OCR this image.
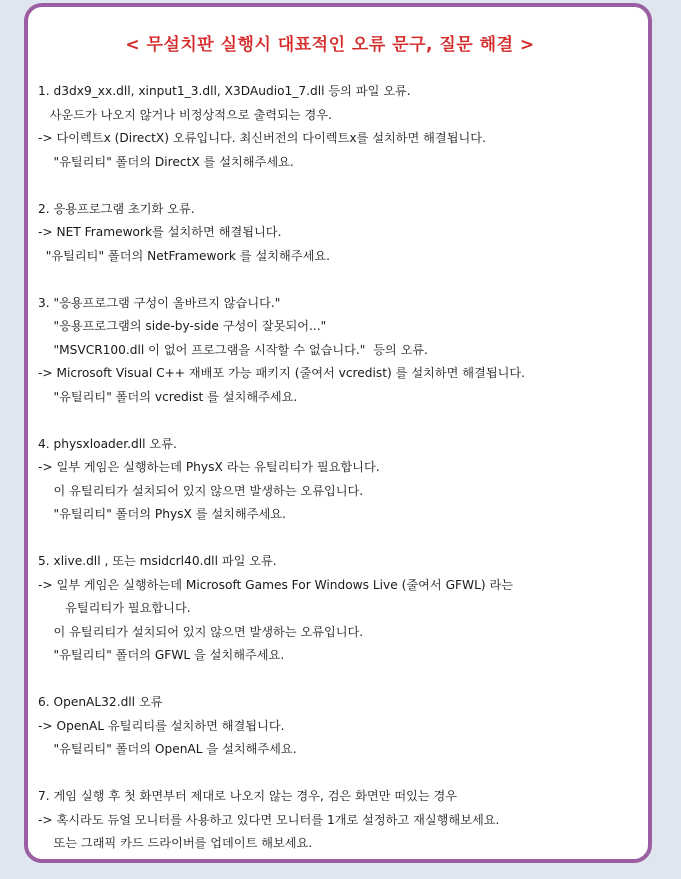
< 무설치판 실행시 대표적인 오류 문구, 질문 해결 >
1. d3dx9_xx.dll, xinput1_3.dll, X3DAudio1_7.dll 등의 파일 오류.
사운드가 나오지 않거나 비정상적으로 출력되는 경우.
-> 다이렉트x (DirectX) 오류입니다. 최신버전의 다이렉트x를 설치하면 해결됩니다.
"유틸리티" 폴더의 DirectX 를 설치해주세요.
2. 응용프로그램 초기화 오류.
-> NET Framework를 설치하면 해결됩니다.
"유틸리티" 폴더의 NetFramework 를 설치해주세요.
3. "응용프로그램 구성이 올바르지 않습니다."
"응용프로그램의 side-by-side 구성이 잘못되어..."
"MSVCR100.dll 이 없어 프로그램을 시작할 수 없습니다."  등의 오류.
-> Microsoft Visual C++ 재배포 가능 패키지 (줄여서 vcredist) 를 설치하면 해결됩니다.
"유틸리티" 폴더의 vcredist 를 설치해주세요.
4. physxloader.dll 오류.
-> 일부 게임은 실행하는데 PhysX 라는 유틸리티가 필요합니다.
이 유틸리티가 설치되어 있지 않으면 발생하는 오류입니다.
"유틸리티" 폴더의 PhysX 를 설치해주세요.
5. xlive.dll , 또는 msidcrl40.dll 파일 오류.
-> 일부 게임은 실행하는데 Microsoft Games For Windows Live (줄여서 GFWL) 라는
유틸리티가 필요합니다.
이 유틸리티가 설치되어 있지 않으면 발생하는 오류입니다.
"유틸리티" 폴더의 GFWL 을 설치해주세요.
6. OpenAL32.dll 오류
-> OpenAL 유틸리티를 설치하면 해결됩니다.
"유틸리티" 폴더의 OpenAL 을 설치해주세요.
7. 게임 실행 후 첫 화면부터 제대로 나오지 않는 경우, 검은 화면만 떠있는 경우
-> 혹시라도 듀얼 모니터를 사용하고 있다면 모니터를 1개로 설정하고 재실행해보세요.
또는 그래픽 카드 드라이버를 업데이트 해보세요.
